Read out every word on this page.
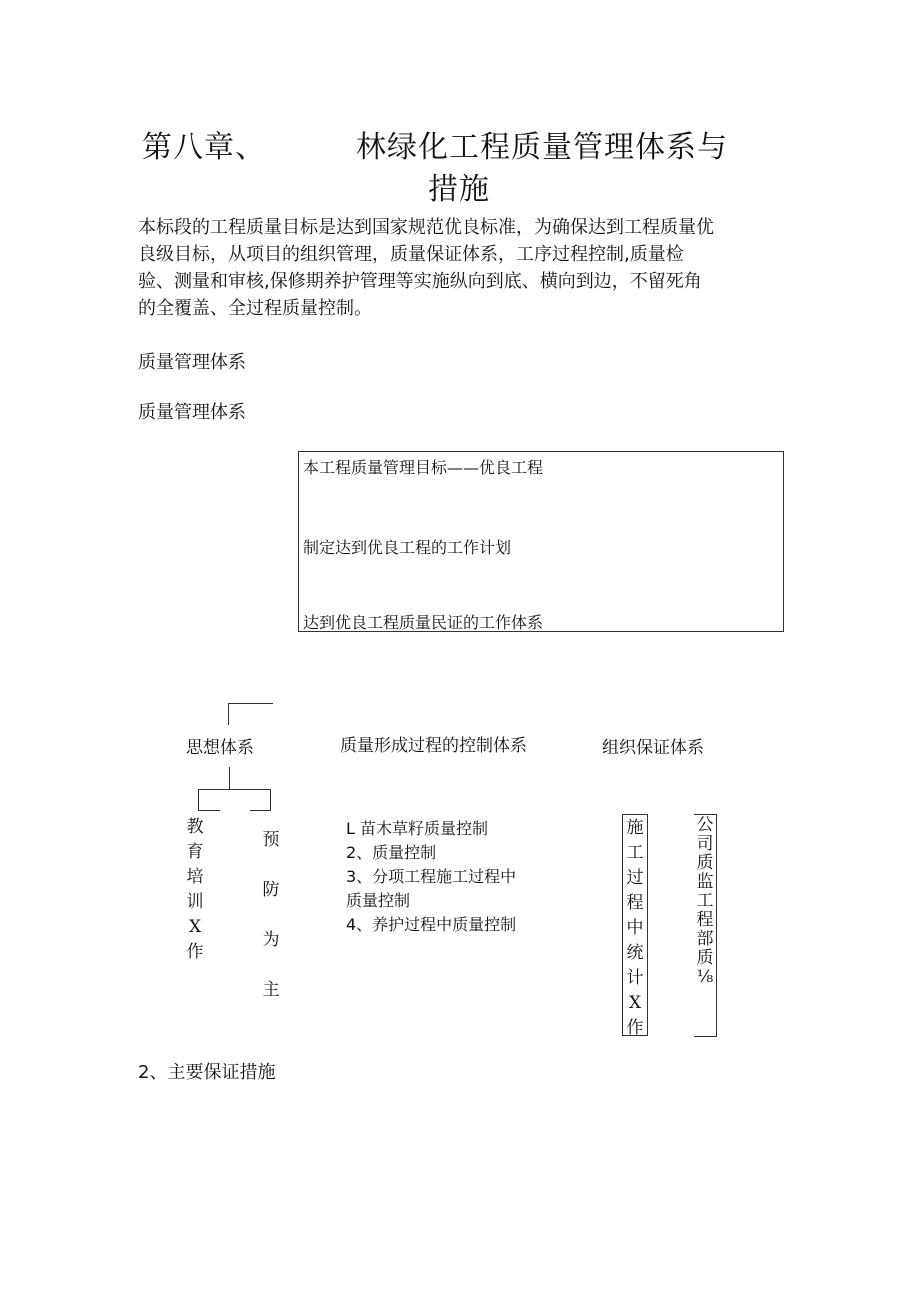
第八章、	林绿化工程质量管理体系与
措施
本标段的工程质量目标是达到国家规范优良标准，为确保达到工程质量优
良级目标，从项目的组织管理，质量保证体系，工序过程控制,质量检
验、测量和审核,保修期养护管理等实施纵向到底、横向到边，不留死角
的全覆盖、全过程质量控制。
质量管理体系
质量管理体系
本工程质量管理目标——优良工程
制定达到优良工程的工作计划
达到优良工程质量民证的工作体系
思想体系	质量形成过程的控制体系	组织保证体系
教
育
培
训
X
作
预
防
为
主
L 苗木草籽质量控制
2、质量控制
3、分项工程施工过程中
质量控制
4、养护过程中质量控制
施
工
过
程
中
统
计
X
作
公
司
质
监
工
程
部
质
⅛
2、主要保证措施
